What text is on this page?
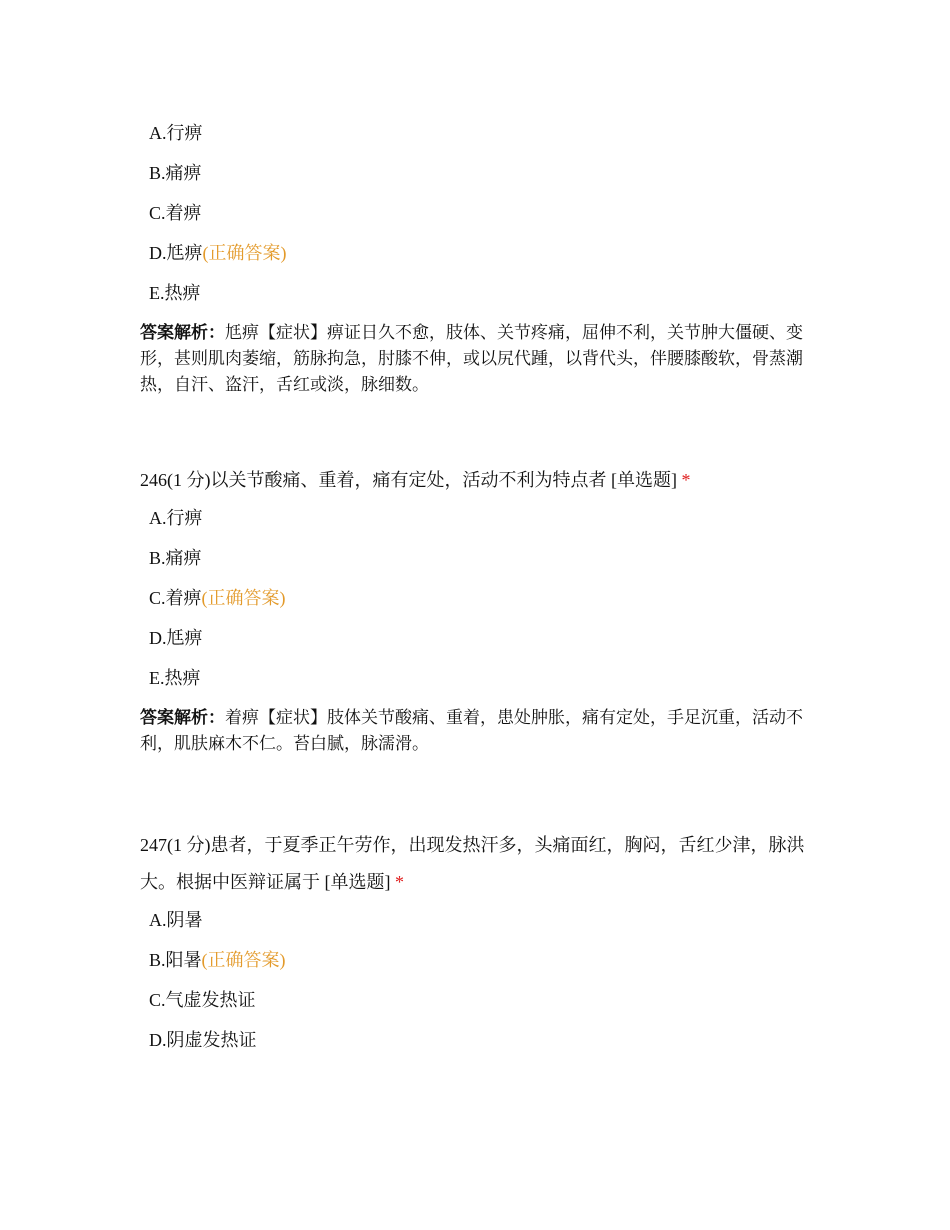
A.行痹
B.痛痹
C.着痹
D.尪痹(正确答案)
E.热痹
答案解析：尪痹【症状】痹证日久不愈，肢体、关节疼痛，屈伸不利，关节肿大僵硬、变形，甚则肌肉萎缩，筋脉拘急，肘膝不伸，或以尻代踵，以背代头，伴腰膝酸软，骨蒸潮热，自汗、盗汗，舌红或淡，脉细数。
246(1 分)以关节酸痛、重着，痛有定处，活动不利为特点者 [单选题] *
A.行痹
B.痛痹
C.着痹(正确答案)
D.尪痹
E.热痹
答案解析：着痹【症状】肢体关节酸痛、重着，患处肿胀，痛有定处，手足沉重，活动不利，肌肤麻木不仁。苔白腻，脉濡滑。
247(1 分)患者，于夏季正午劳作，出现发热汗多，头痛面红，胸闷，舌红少津，脉洪大。根据中医辩证属于 [单选题] *
A.阴暑
B.阳暑(正确答案)
C.气虚发热证
D.阴虚发热证
